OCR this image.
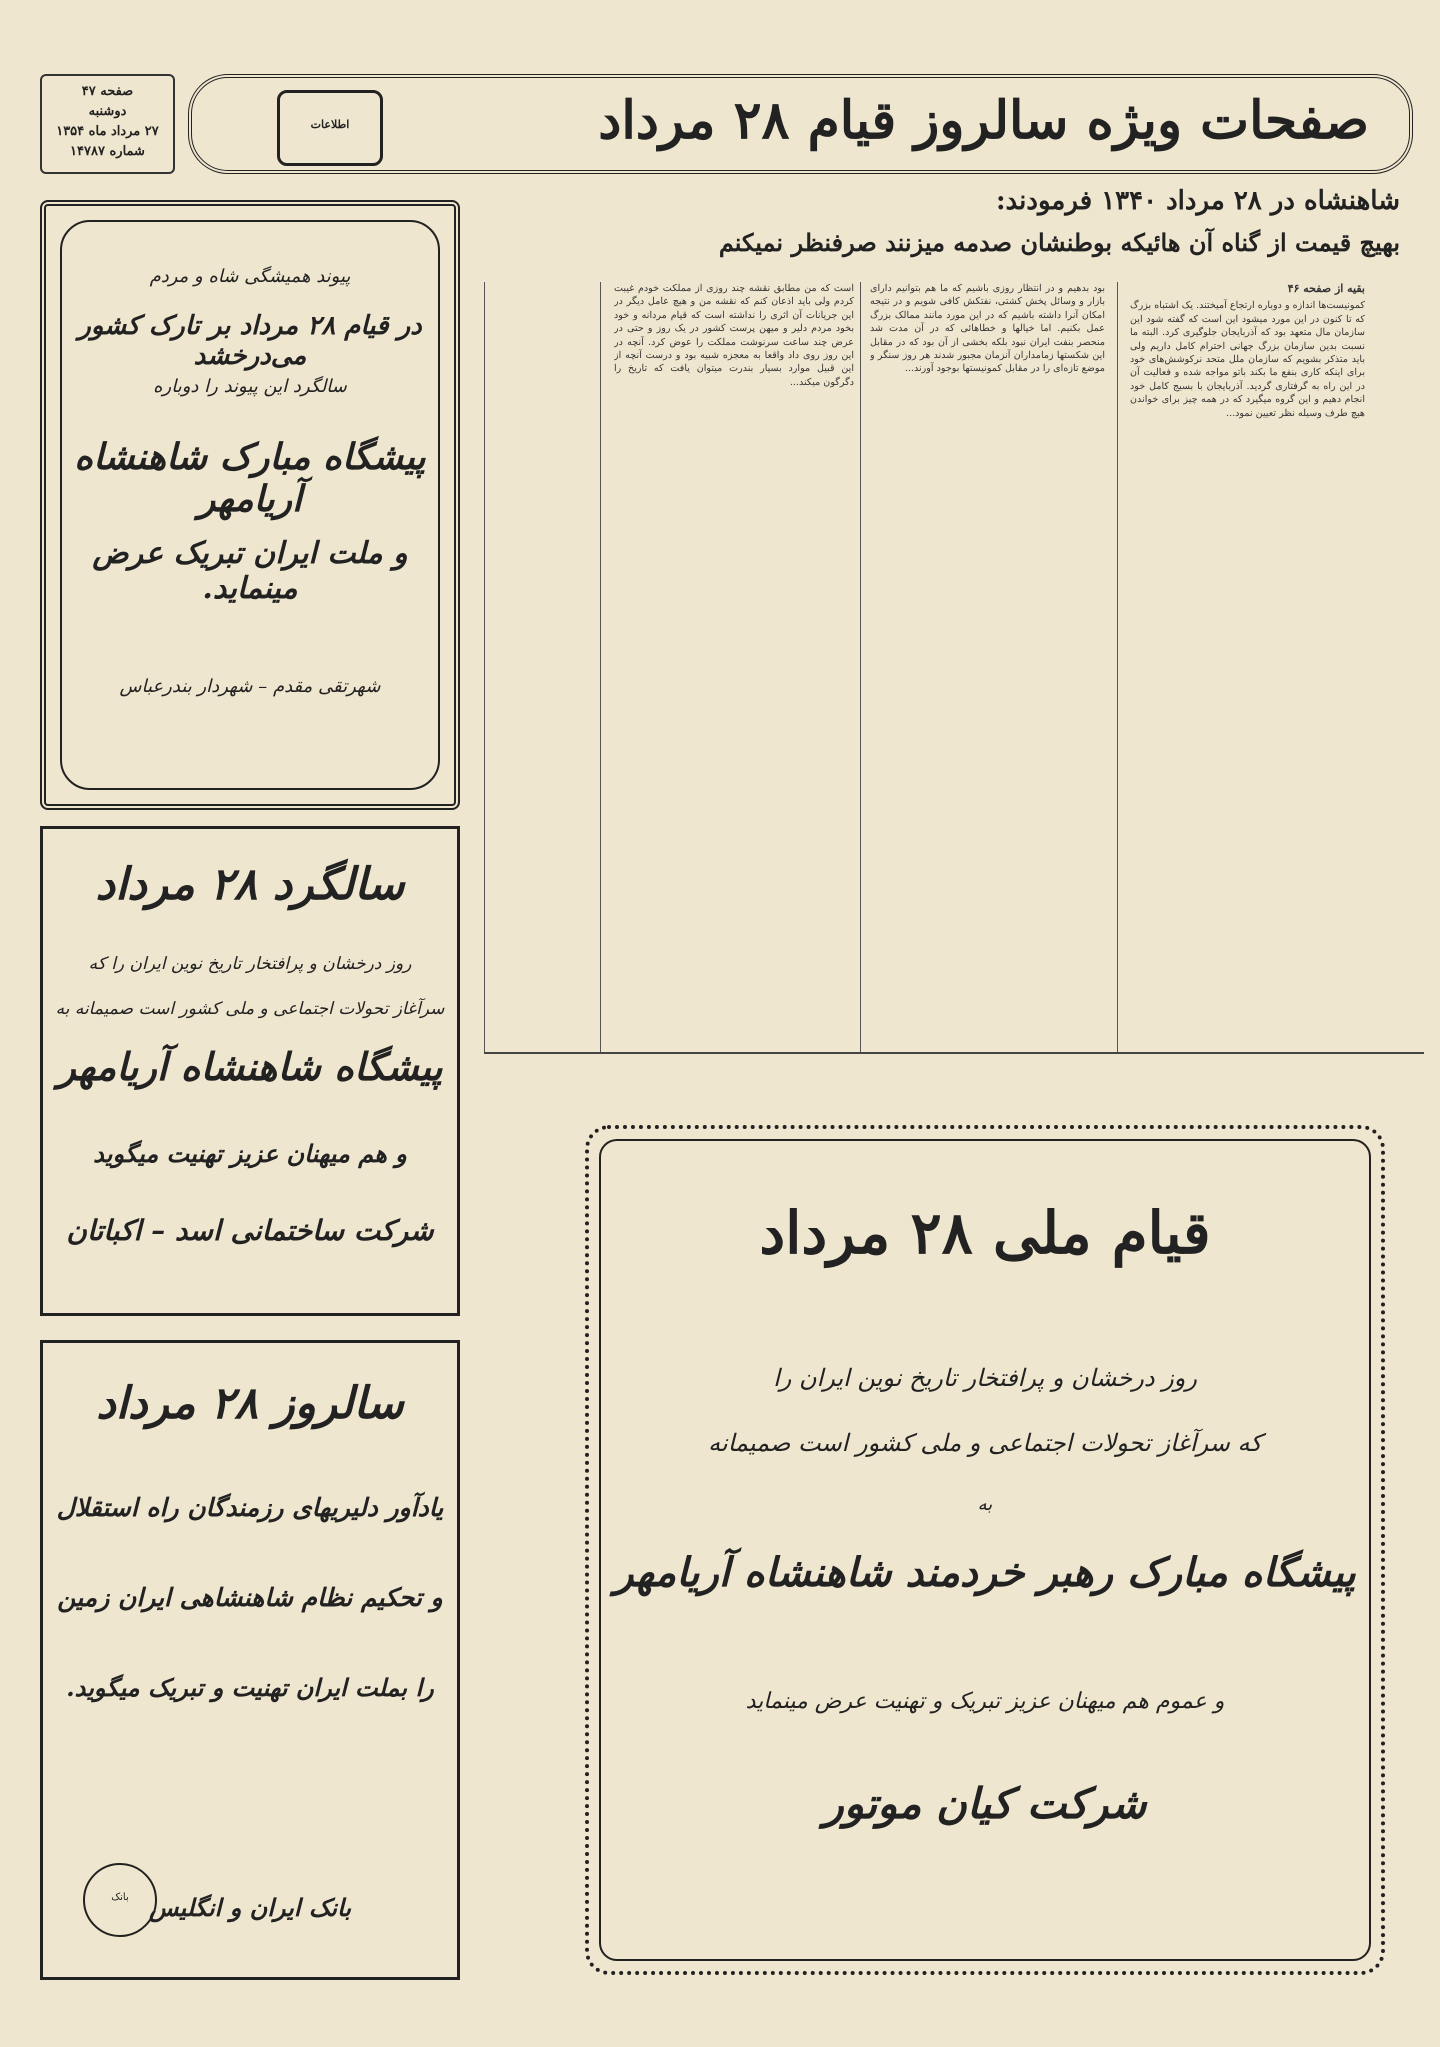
صفحه ۴۷
دوشنبه
۲۷ مرداد ماه ۱۳۵۴
شماره ۱۴۷۸۷
صفحات ویژه سالروز قیام ۲۸ مرداد
اطلاعات
شاهنشاه در ۲۸ مرداد ۱۳۴۰ فرمودند:
بهیچ قیمت از گناه آن هائیکه بوطنشان صدمه میزنند صرفنظر نمیکنم
بقیه از صفحه ۴۶
کمونیست‌ها اندازه و دوباره ارتجاع آمیختند. یک اشتباه بزرگ که تا کنون در این مورد میشود این است که گفته شود این سازمان مال متعهد بود که آذربایجان جلوگیری کرد. البته ما نسبت بدین سازمان بزرگ جهانی احترام کامل داریم ولی باید متذکر بشویم که سازمان ملل متحد نرکوشش‌های خود برای اینکه کاری بنفع ما بکند باتو مواجه شده و فعالیت آن در این راه به گرفتاری گردید. آذربایجان با بسیج کامل خود انجام دهیم و این گروه میگیرد که در همه چیز برای خواندن هیچ طرف وسیله نظر تعیین نمود...
بود بدهیم و در انتظار روزی باشیم که ما هم بتوانیم دارای بازار و وسائل پخش کشتی، نفتکش کافی شویم و در نتیجه امکان آنرا داشته باشیم که در این مورد مانند ممالک بزرگ عمل بکنیم. اما خیالها و خطاهائی که در آن مدت شد منحصر بنفت ایران نبود بلکه بخشی از آن بود که در مقابل این شکستها زمامداران آنزمان مجبور شدند هر روز سنگر و موضع تازه‌ای را در مقابل کمونیستها بوجود آورند...
است که من مطابق نقشه چند روزی از مملکت خودم غیبت کردم ولی باید اذعان کنم که نقشه من و هیچ عامل دیگر در این جریانات آن اثری را نداشته است که قیام مردانه و خود بخود مردم دلیر و میهن پرست کشور در یک روز و حتی در عرض چند ساعت سرنوشت مملکت را عوض کرد. آنچه در این روز روی داد واقعا به معجزه شبیه بود و درست آنچه از این قبیل موارد بسیار بندرت میتوان یافت که تاریخ را دگرگون میکند...
پیوند همیشگی شاه و مردم
در قیام ۲۸ مرداد بر تارک کشور می‌درخشد
سالگرد این پیوند را دوباره
پیشگاه مبارک شاهنشاه آریامهر
و ملت ایران تبریک عرض مینماید.
شهرتقی مقدم – شهردار بندرعباس
سالگرد ۲۸ مرداد
روز درخشان و پرافتخار تاریخ نوین ایران را که
سرآغاز تحولات اجتماعی و ملی کشور است صمیمانه به
پیشگاه شاهنشاه آریامهر
و هم میهنان عزیز تهنیت میگوید
شرکت ساختمانی اسد – اکباتان
سالروز ۲۸ مرداد
یادآور دلیریهای رزمندگان راه استقلال
و تحکیم نظام شاهنشاهی ایران زمین
را بملت ایران تهنیت و تبریک میگوید.
بانک بانک ایران و انگلیس
قیام ملی ۲۸ مرداد
روز درخشان و پرافتخار تاریخ نوین ایران را
که سرآغاز تحولات اجتماعی و ملی کشور است صمیمانه
به
پیشگاه مبارک رهبر خردمند شاهنشاه آریامهر
و عموم هم میهنان عزیز تبریک و تهنیت عرض مینماید
شرکت کیان موتور
